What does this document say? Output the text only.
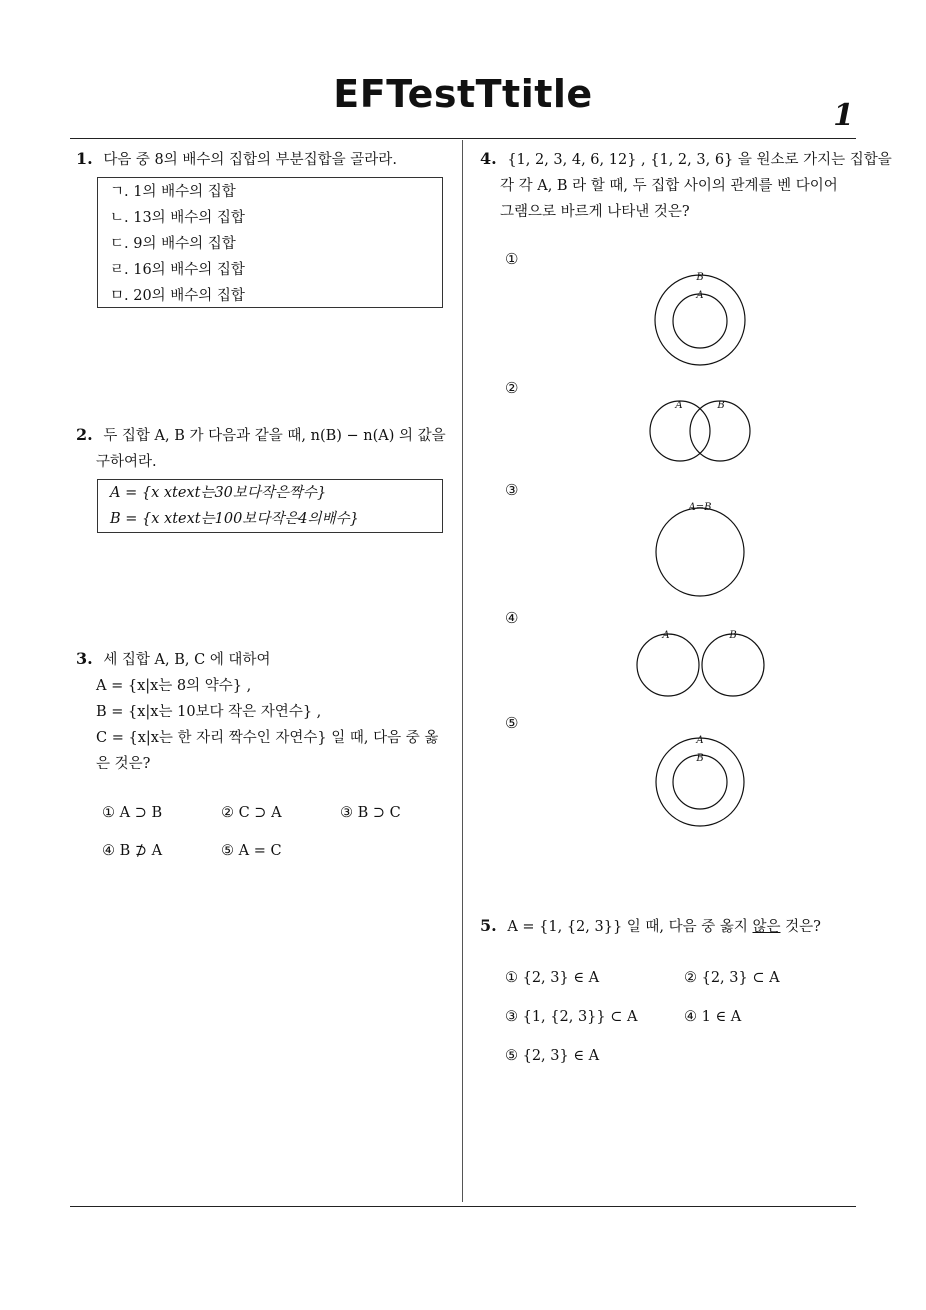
EFTestTtitle	1
1. 다음 중 8의 배수의 집합의 부분집합을 골라라.
ㄱ. 1의 배수의 집합
ㄴ. 13의 배수의 집합
ㄷ. 9의 배수의 집합
ㄹ. 16의 배수의 집합
ㅁ. 20의 배수의 집합
2. 두 집합 A, B 가 다음과 같을 때, n(B) − n(A) 의 값을
구하여라.
A = {x xtext는30보다작은짝수}
B = {x xtext는100보다작은4의배수}
3. 세 집합 A, B, C 에 대하여
A = {x|x는 8의 약수} ,
B = {x|x는 10보다 작은 자연수} ,
C = {x|x는 한 자리 짝수인 자연수} 일 때, 다음 중 옳
은 것은?
① A ⊃ B	② C ⊃ A	③ B ⊃ C
④ B ⊅ A	⑤ A = C
4. {1, 2, 3, 4, 6, 12} , {1, 2, 3, 6} 을 원소로 가지는 집합을
각 각 A, B 라 할 때, 두 집합 사이의 관계를 벤 다이어
그램으로 바르게 나타낸 것은?
①
②
③
④
⑤
B
A
A	B
A=B
A	B
A
B
5. A = {1, {2, 3}} 일 때, 다음 중 옳지 않은 것은?
① {2, 3} ∈ A	② {2, 3} ⊂ A
③ {1, {2, 3}} ⊂ A	④ 1 ∈ A
⑤ {2, 3} ∈ A
